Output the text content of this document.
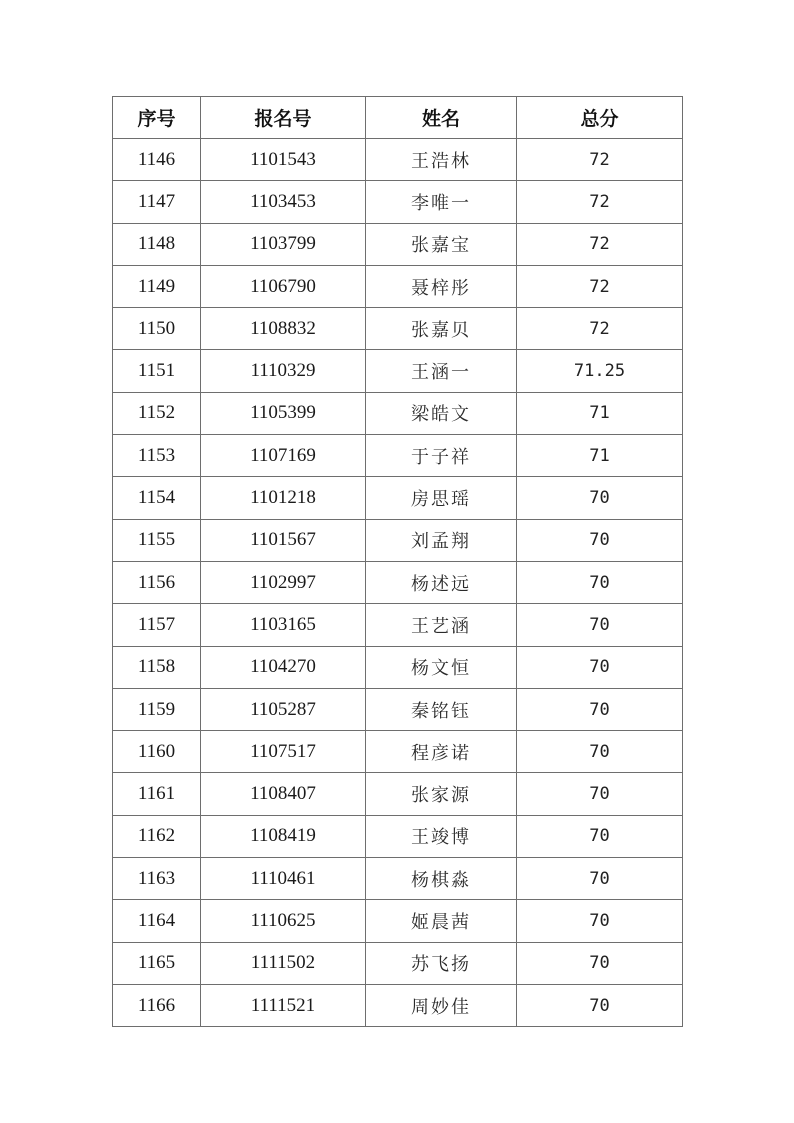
序号	报名号	姓名	总分
1146	1101543	王浩林	72
1147	1103453	李唯一	72
1148	1103799	张嘉宝	72
1149	1106790	聂梓彤	72
1150	1108832	张嘉贝	72
1151	1110329	王涵一	71.25
1152	1105399	梁皓文	71
1153	1107169	于子祥	71
1154	1101218	房思瑶	70
1155	1101567	刘孟翔	70
1156	1102997	杨述远	70
1157	1103165	王艺涵	70
1158	1104270	杨文恒	70
1159	1105287	秦铭钰	70
1160	1107517	程彦诺	70
1161	1108407	张家源	70
1162	1108419	王竣博	70
1163	1110461	杨棋淼	70
1164	1110625	姬晨茜	70
1165	1111502	苏飞扬	70
1166	1111521	周妙佳	70
